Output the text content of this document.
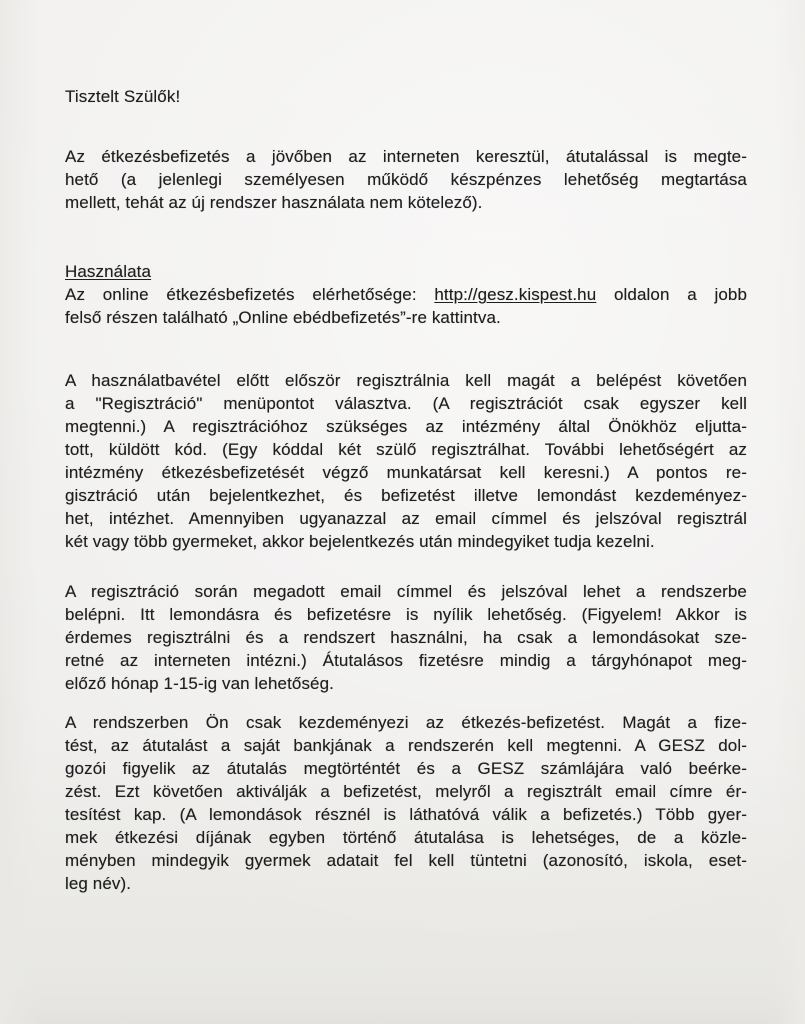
Tisztelt Szülők!
Az étkezésbefizetés a jövőben az interneten keresztül, átutalással is megte-
hető (a jelenlegi személyesen működő készpénzes lehetőség megtartása
mellett, tehát az új rendszer használata nem kötelező).
Használata
Az online étkezésbefizetés elérhetősége: http://gesz.kispest.hu oldalon a jobb
felső részen található „Online ebédbefizetés”-re kattintva.
A használatbavétel előtt először regisztrálnia kell magát a belépést követően
a "Regisztráció" menüpontot választva. (A regisztrációt csak egyszer kell
megtenni.) A regisztrációhoz szükséges az intézmény által Önökhöz eljutta-
tott, küldött kód. (Egy kóddal két szülő regisztrálhat. További lehetőségért az
intézmény étkezésbefizetését végző munkatársat kell keresni.) A pontos re-
gisztráció után bejelentkezhet, és befizetést illetve lemondást kezdeményez-
het, intézhet. Amennyiben ugyanazzal az email címmel és jelszóval regisztrál
két vagy több gyermeket, akkor bejelentkezés után mindegyiket tudja kezelni.
A regisztráció során megadott email címmel és jelszóval lehet a rendszerbe
belépni. Itt lemondásra és befizetésre is nyílik lehetőség. (Figyelem! Akkor is
érdemes regisztrálni és a rendszert használni, ha csak a lemondásokat sze-
retné az interneten intézni.) Átutalásos fizetésre mindig a tárgyhónapot meg-
előző hónap 1-15-ig van lehetőség.
A rendszerben Ön csak kezdeményezi az étkezés-befizetést. Magát a fize-
tést, az átutalást a saját bankjának a rendszerén kell megtenni. A GESZ dol-
gozói figyelik az átutalás megtörténtét és a GESZ számlájára való beérke-
zést. Ezt követően aktiválják a befizetést, melyről a regisztrált email címre ér-
tesítést kap. (A lemondások résznél is láthatóvá válik a befizetés.) Több gyer-
mek étkezési díjának egyben történő átutalása is lehetséges, de a közle-
ményben mindegyik gyermek adatait fel kell tüntetni (azonosító, iskola, eset-
leg név).
